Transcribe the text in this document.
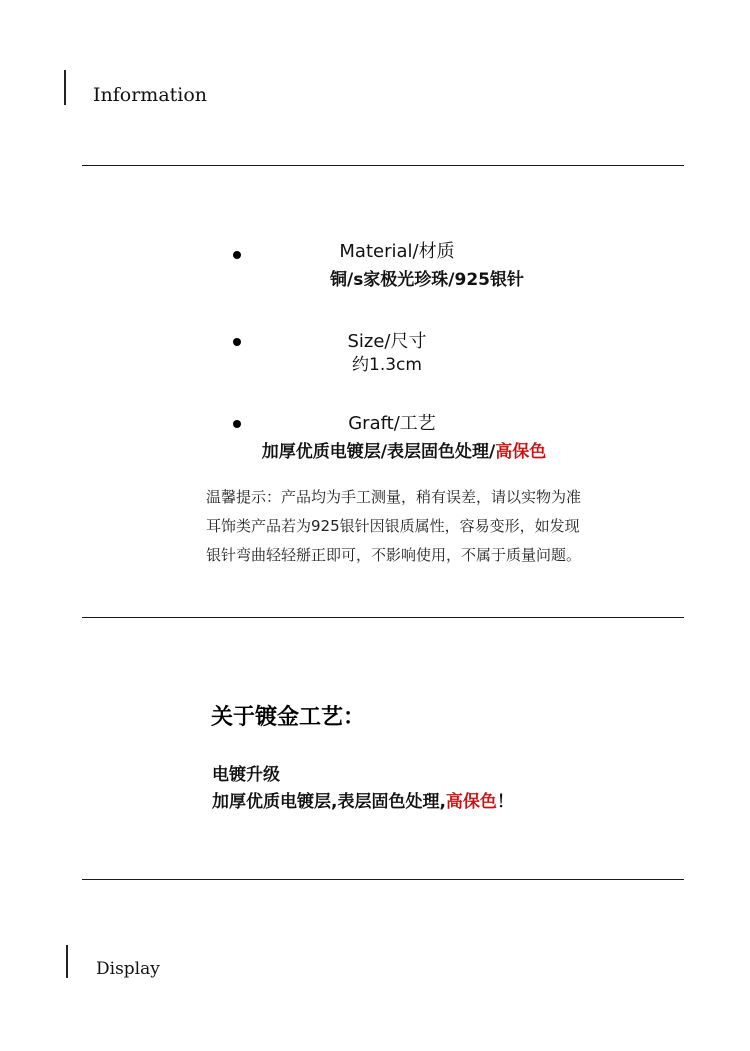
Information
Material/材质
铜/s家极光珍珠/925银针
Size/尺寸
约1.3cm
Graft/工艺
加厚优质电镀层/表层固色处理/高保色
温馨提示：产品均为手工测量，稍有误差，请以实物为准
耳饰类产品若为925银针因银质属性，容易变形，如发现
银针弯曲轻轻掰正即可，不影响使用，不属于质量问题。
关于镀金工艺：
电镀升级
加厚优质电镀层,表层固色处理,高保色！
Display
